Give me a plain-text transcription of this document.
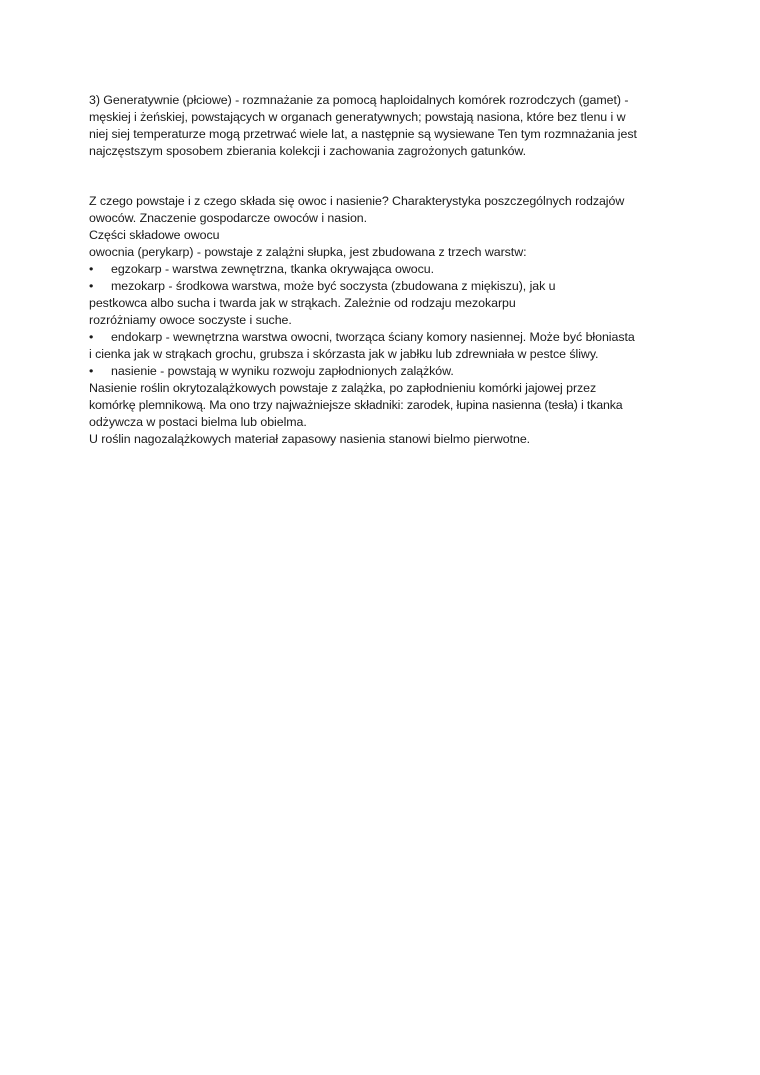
3) Generatywnie (płciowe) - rozmnażanie za pomocą haploidalnych komórek rozrodczych (gamet) -
męskiej i żeńskiej, powstających w organach generatywnych; powstają nasiona, które bez tlenu i w
niej siej temperaturze mogą przetrwać wiele lat, a następnie są wysiewane Ten tym rozmnażania jest
najczęstszym sposobem zbierania kolekcji i zachowania zagrożonych gatunków.
Z czego powstaje i z czego składa się owoc i nasienie? Charakterystyka poszczególnych rodzajów
owoców. Znaczenie gospodarcze owoców i nasion.
Części składowe owocu
owocnia (perykarp) - powstaje z zalążni słupka, jest zbudowana z trzech warstw:
• egzokarp - warstwa zewnętrzna, tkanka okrywająca owocu.
• mezokarp - środkowa warstwa, może być soczysta (zbudowana z miękiszu), jak u
pestkowca albo sucha i twarda jak w strąkach. Zależnie od rodzaju mezokarpu
rozróżniamy owoce soczyste i suche.
• endokarp - wewnętrzna warstwa owocni, tworząca ściany komory nasiennej. Może być błoniasta
i cienka jak w strąkach grochu, grubsza i skórzasta jak w jabłku lub zdrewniała w pestce śliwy.
• nasienie - powstają w wyniku rozwoju zapłodnionych zalążków.
Nasienie roślin okrytozalążkowych powstaje z zalążka, po zapłodnieniu komórki jajowej przez
komórkę plemnikową. Ma ono trzy najważniejsze składniki: zarodek, łupina nasienna (tesła) i tkanka
odżywcza w postaci bielma lub obielma.
U roślin nagozalążkowych materiał zapasowy nasienia stanowi bielmo pierwotne.
